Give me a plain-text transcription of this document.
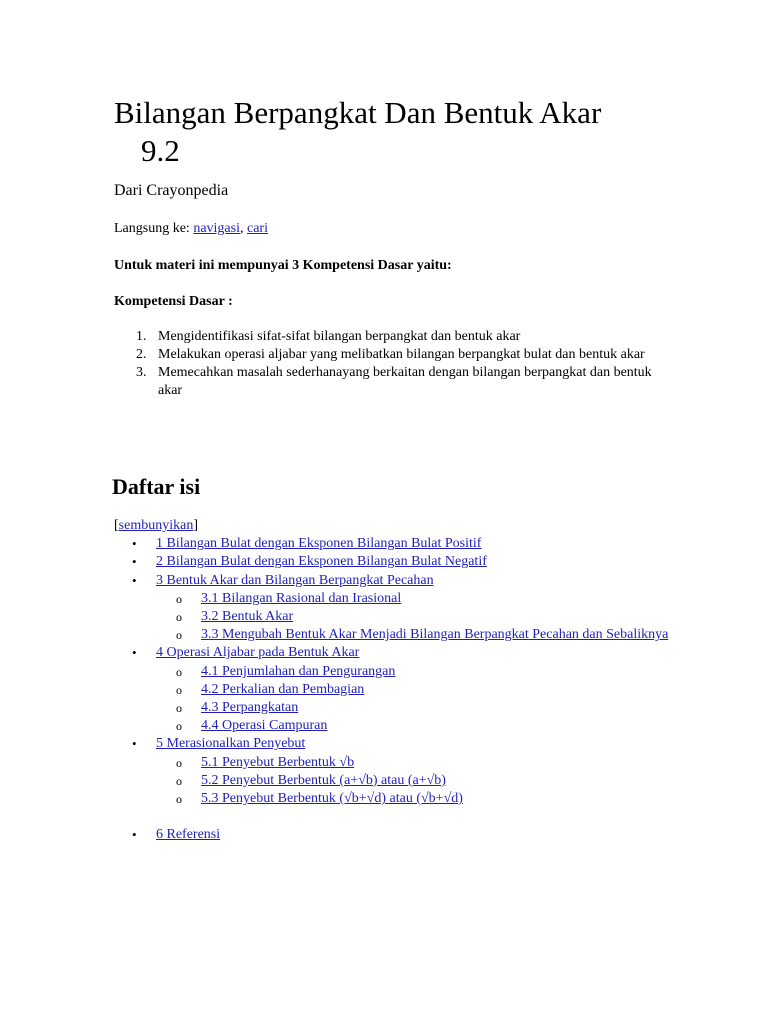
Bilangan Berpangkat Dan Bentuk Akar
9.2
Dari Crayonpedia
Langsung ke: navigasi, cari
Untuk materi ini mempunyai 3 Kompetensi Dasar yaitu:
Kompetensi Dasar :
1. Mengidentifikasi sifat-sifat bilangan berpangkat dan bentuk akar
2. Melakukan operasi aljabar yang melibatkan bilangan berpangkat bulat dan bentuk akar
3. Memecahkan masalah sederhanayang berkaitan dengan bilangan berpangkat dan bentuk akar
Daftar isi
[sembunyikan]
• 1 Bilangan Bulat dengan Eksponen Bilangan Bulat Positif
• 2 Bilangan Bulat dengan Eksponen Bilangan Bulat Negatif
• 3 Bentuk Akar dan Bilangan Berpangkat Pecahan
o 3.1 Bilangan Rasional dan Irasional
o 3.2 Bentuk Akar
o 3.3 Mengubah Bentuk Akar Menjadi Bilangan Berpangkat Pecahan dan Sebaliknya
• 4 Operasi Aljabar pada Bentuk Akar
o 4.1 Penjumlahan dan Pengurangan
o 4.2 Perkalian dan Pembagian
o 4.3 Perpangkatan
o 4.4 Operasi Campuran
• 5 Merasionalkan Penyebut
o 5.1 Penyebut Berbentuk √b
o 5.2 Penyebut Berbentuk (a+√b) atau (a+√b)
o 5.3 Penyebut Berbentuk (√b+√d) atau (√b+√d)
• 6 Referensi
